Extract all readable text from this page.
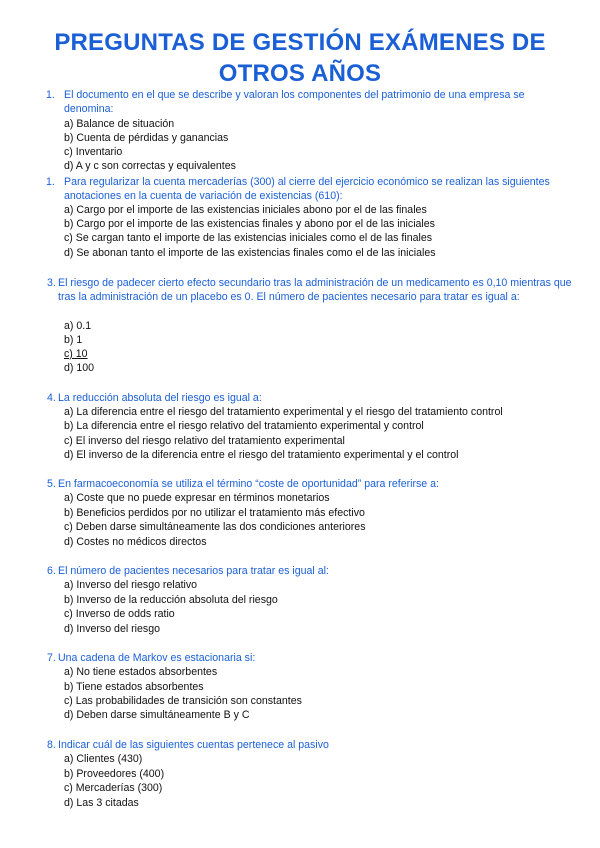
PREGUNTAS DE GESTIÓN EXÁMENES DE
OTROS AÑOS
1. El documento en el que se describe y valoran los componentes del patrimonio de una empresa se denomina:
a) Balance de situación
b) Cuenta de pérdidas y ganancias
c) Inventario
d) A y c son correctas y equivalentes
1. Para regularizar la cuenta mercaderías (300) al cierre del ejercicio económico se realizan las siguientes anotaciones en la cuenta de variación de existencias (610):
a) Cargo por el importe de las existencias iniciales abono por el de las finales
b) Cargo por el importe de las existencias finales y abono por el de las iniciales
c) Se cargan tanto el importe de las existencias iniciales como el de las finales
d) Se abonan tanto el importe de las existencias finales como el de las iniciales
3. El riesgo de padecer cierto efecto secundario tras la administración de un medicamento es 0,10 mientras que tras la administración de un placebo es 0. El número de pacientes necesario para tratar es igual a:
a) 0.1
b) 1
c) 10
d) 100
4. La reducción absoluta del riesgo es igual a:
a) La diferencia entre el riesgo del tratamiento experimental y el riesgo del tratamiento control
b) La diferencia entre el riesgo relativo del tratamiento experimental y control
c) El inverso del riesgo relativo del tratamiento experimental
d) El inverso de la diferencia entre el riesgo del tratamiento experimental y el control
5. En farmacoeconomía se utiliza el término “coste de oportunidad” para referirse a:
a) Coste que no puede expresar en términos monetarios
b) Beneficios perdidos por no utilizar el tratamiento más efectivo
c) Deben darse simultáneamente las dos condiciones anteriores
d) Costes no médicos directos
6. El número de pacientes necesarios para tratar es igual al:
a) Inverso del riesgo relativo
b) Inverso de la reducción absoluta del riesgo
c) Inverso de odds ratio
d) Inverso del riesgo
7. Una cadena de Markov es estacionaria si:
a) No tiene estados absorbentes
b) Tiene estados absorbentes
c) Las probabilidades de transición son constantes
d) Deben darse simultáneamente B y C
8. Indicar cuál de las siguientes cuentas pertenece al pasivo
a) Clientes (430)
b) Proveedores (400)
c) Mercaderías (300)
d) Las 3 citadas
